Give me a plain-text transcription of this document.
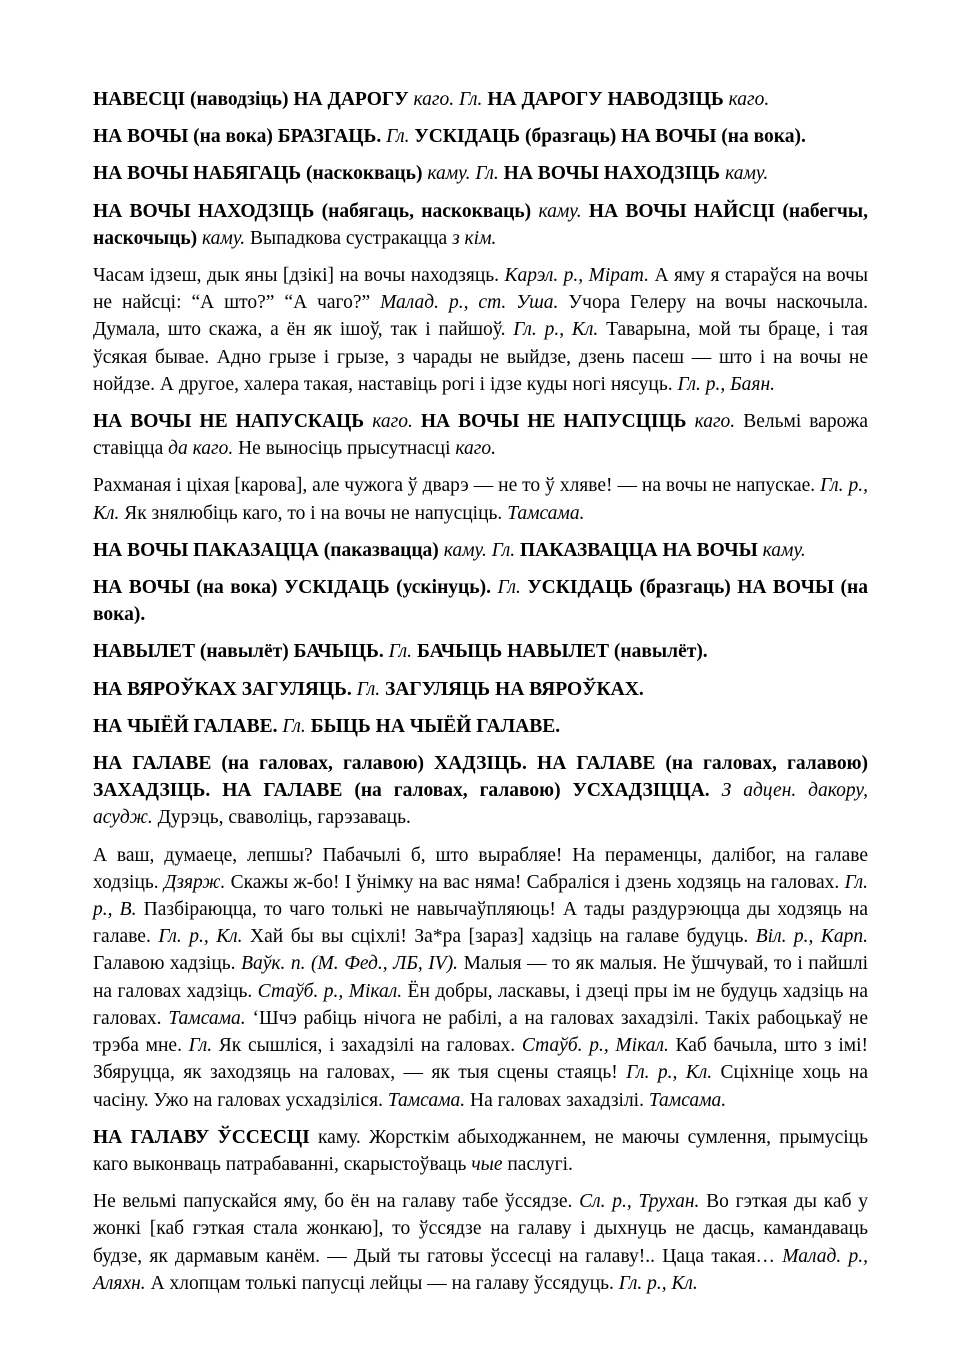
НАВЕСЦІ (наводзіць) НА ДАРОГУ каго. Гл. НА ДАРОГУ НАВОДЗІЦЬ каго.

НА ВОЧЫ (на вока) БРАЗГАЦЬ. Гл. УСКІДАЦЬ (бразгаць) НА ВОЧЫ (на вока).

НА ВОЧЫ НАБЯГАЦЬ (наскокваць) каму. Гл. НА ВОЧЫ НАХОДЗІЦЬ каму.

НА ВОЧЫ НАХОДЗІЦЬ (набягаць, наскокваць) каму. НА ВОЧЫ НАЙСЦІ (набегчы, наскочыць) каму. Выпадкова сустракацца з кім.

Часам ідзеш, дык яны [дзікі] на вочы находзяць. Карэл. р., Мірат. А яму я стараўся на вочы не найсці: “А што?” “А чаго?” Малад. р., ст. Уша. Учора Гелеру на вочы наскочыла. Думала, што скажа, а ён як ішоў, так і пайшоў. Гл. р., Кл. Таварына, мой ты браце, і тая ўсякая бывае. Адно грызе і грызе, з чарады не выйдзе, дзень пасеш — што і на вочы не нойдзе. А другое, халера такая, наставіць рогі і ідзе куды ногі нясуць. Гл. р., Баян.

НА ВОЧЫ НЕ НАПУСКАЦЬ каго. НА ВОЧЫ НЕ НАПУСЦІЦЬ каго. Вельмі варожа ставіцца да каго. Не выносіць прысутнасці каго.

Рахманая і ціхая [карова], але чужога ў дварэ — не то ў хляве! — на вочы не напускае. Гл. р., Кл. Як знялюбіць каго, то і на вочы не напусціць. Тамсама.

НА ВОЧЫ ПАКАЗАЦЦА (паказвацца) каму. Гл. ПАКАЗВАЦЦА НА ВОЧЫ каму.

НА ВОЧЫ (на вока) УСКІДАЦЬ (ускінуць). Гл. УСКІДАЦЬ (бразгаць) НА ВОЧЫ (на вока).

НАВЫЛЕТ (навылёт) БАЧЫЦЬ. Гл. БАЧЫЦЬ НАВЫЛЕТ (навылёт).

НА ВЯРОЎКАХ ЗАГУЛЯЦЬ. Гл. ЗАГУЛЯЦЬ НА ВЯРОЎКАХ.

НА ЧЫЁЙ ГАЛАВЕ. Гл. БЫЦЬ НА ЧЫЁЙ ГАЛАВЕ.

НА ГАЛАВЕ (на галовах, галавою) ХАДЗІЦЬ. НА ГАЛАВЕ (на галовах, галавою) ЗАХАДЗІЦЬ. НА ГАЛАВЕ (на галовах, галавою) УСХАДЗІЦЦА. З адцен. дакору, асудж. Дурэць, сваволіць, гарэзаваць.

А ваш, думаеце, лепшы? Пабачылі б, што вырабляе! На пераменцы, далібог, на галаве ходзіць. Дзярж. Скажы ж-бо! І ўнімку на вас няма! Сабраліся і дзень ходзяць на галовах. Гл. р., В. Пазбіраюцца, то чаго толькі не навычаўпляюць! А тады раздурэюцца ды ходзяць на галаве. Гл. р., Кл. Хай бы вы сціхлі! За*ра [зараз] хадзіць на галаве будуць. Віл. р., Карп. Галавою хадзіць. Ваўк. п. (М. Фед., ЛБ, IV). Малыя — то як малыя. Не ўшчувай, то і пайшлі на галовах хадзіць. Стаўб. р., Мікал. Ён добры, ласкавы, і дзеці пры ім не будуць хадзіць на галовах. Тамсама. ‘Шчэ рабіць нічога не рабілі, а на галовах захадзілі. Такіх рабоцькаў не трэба мне. Гл. Як сышліся, і захадзілі на галовах. Стаўб. р., Мікал. Каб бачыла, што з імі! Збяруцца, як заходзяць на галовах, — як тыя сцены стаяць! Гл. р., Кл. Сціхніце хоць на часіну. Ужо на галовах усхадзіліся. Тамсама. На галовах захадзілі. Тамсама.

НА ГАЛАВУ ЎССЕСЦІ каму. Жорсткім абыходжаннем, не маючы сумлення, прымусіць каго выконваць патрабаванні, скарыстоўваць чые паслугі.

Не вельмі папускайся яму, бо ён на галаву табе ўссядзе. Сл. р., Трухан. Во гэткая ды каб у жонкі [каб гэткая стала жонкаю], то ўссядзе на галаву і дыхнуць не дасць, камандаваць будзе, як дармавым канём. — Дый ты гатовы ўссесці на галаву!.. Цаца такая… Малад. р., Аляхн. А хлопцам толькі папусці лейцы — на галаву ўссядуць. Гл. р., Кл.
